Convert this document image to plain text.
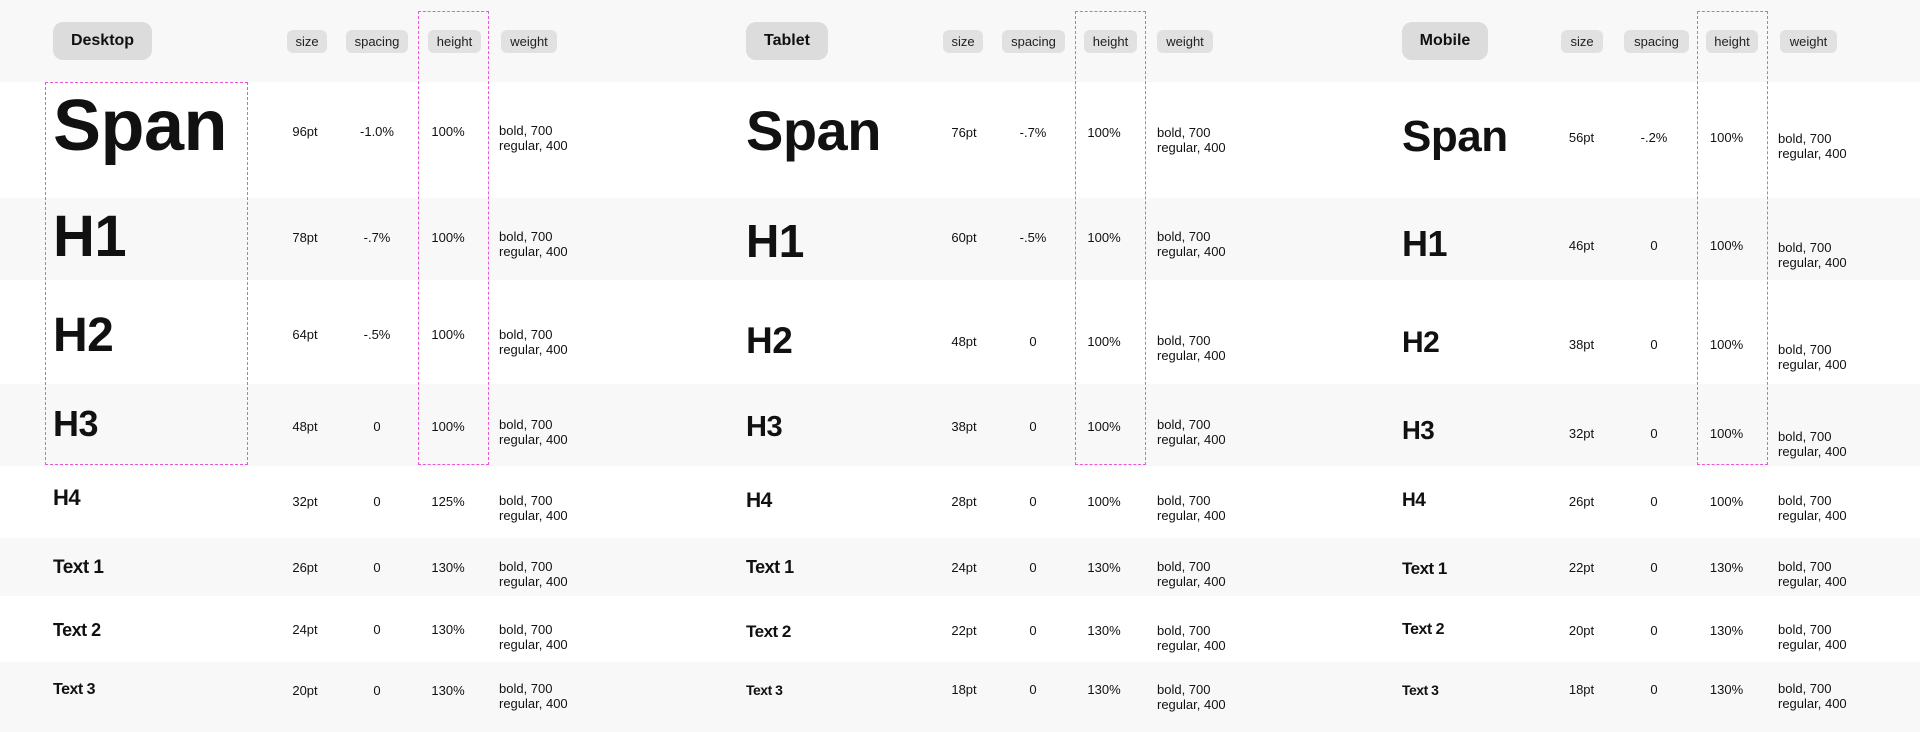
Desktop	size	spacing	height	weight
Span	96pt	-1.0%	100%	bold, 700
regular, 400
H1	78pt	-.7%	100%	bold, 700
regular, 400
H2	64pt	-.5%	100%	bold, 700
regular, 400
H3	48pt	0	100%	bold, 700
regular, 400
H4	32pt	0	125%	bold, 700
regular, 400
Text 1	26pt	0	130%	bold, 700
regular, 400
Text 2	24pt	0	130%	bold, 700
regular, 400
Text 3	20pt	0	130%	bold, 700
regular, 400
Tablet	size	spacing	height	weight
Span	76pt	-.7%	100%	bold, 700
regular, 400
H1	60pt	-.5%	100%	bold, 700
regular, 400
H2	48pt	0	100%	bold, 700
regular, 400
H3	38pt	0	100%	bold, 700
regular, 400
H4	28pt	0	100%	bold, 700
regular, 400
Text 1	24pt	0	130%	bold, 700
regular, 400
Text 2	22pt	0	130%	bold, 700
regular, 400
Text 3	18pt	0	130%	bold, 700
regular, 400
Mobile	size	spacing	height	weight
Span	56pt	-.2%	100%	bold, 700
regular, 400
H1	46pt	0	100%	bold, 700
regular, 400
H2	38pt	0	100%	bold, 700
regular, 400
H3	32pt	0	100%	bold, 700
regular, 400
H4	26pt	0	100%	bold, 700
regular, 400
Text 1	22pt	0	130%	bold, 700
regular, 400
Text 2	20pt	0	130%	bold, 700
regular, 400
Text 3	18pt	0	130%	bold, 700
regular, 400
